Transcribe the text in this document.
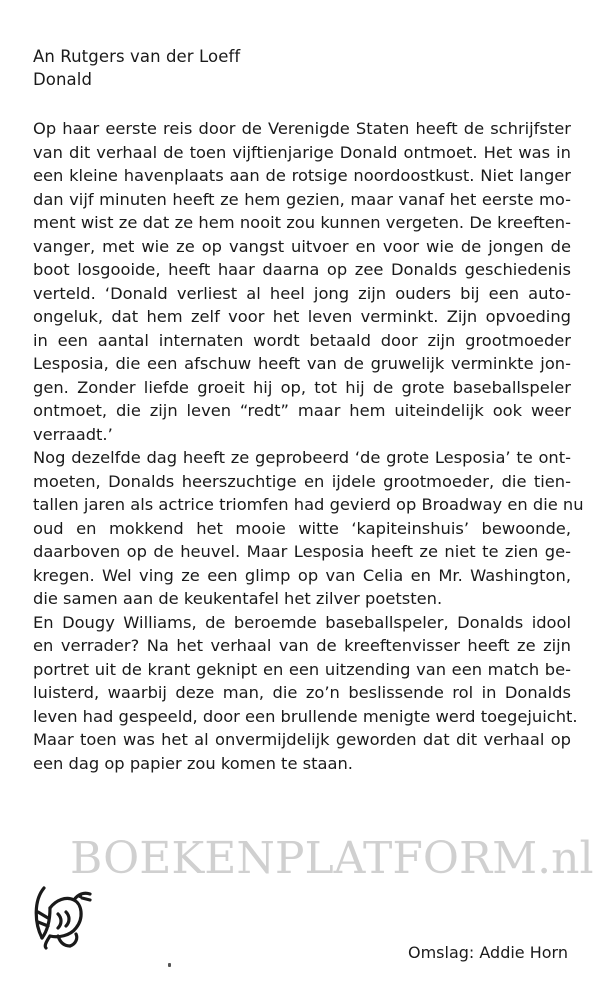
An Rutgers van der Loeff
Donald
Op haar eerste reis door de Verenigde Staten heeft de schrijfster
van dit verhaal de toen vijftienjarige Donald ontmoet. Het was in
een kleine havenplaats aan de rotsige noordoostkust. Niet langer
dan vijf minuten heeft ze hem gezien, maar vanaf het eerste mo-
ment wist ze dat ze hem nooit zou kunnen vergeten. De kreeften-
vanger, met wie ze op vangst uitvoer en voor wie de jongen de
boot losgooide, heeft haar daarna op zee Donalds geschiedenis
verteld. ‘Donald verliest al heel jong zijn ouders bij een auto-
ongeluk, dat hem zelf voor het leven verminkt. Zijn opvoeding
in een aantal internaten wordt betaald door zijn grootmoeder
Lesposia, die een afschuw heeft van de gruwelijk verminkte jon-
gen. Zonder liefde groeit hij op, tot hij de grote baseballspeler
ontmoet, die zijn leven “redt” maar hem uiteindelijk ook weer
verraadt.’
Nog dezelfde dag heeft ze geprobeerd ‘de grote Lesposia’ te ont-
moeten, Donalds heerszuchtige en ijdele grootmoeder, die tien-
tallen jaren als actrice triomfen had gevierd op Broadway en die nu
oud en mokkend het mooie witte ‘kapiteinshuis’ bewoonde,
daarboven op de heuvel. Maar Lesposia heeft ze niet te zien ge-
kregen. Wel ving ze een glimp op van Celia en Mr. Washington,
die samen aan de keukentafel het zilver poetsten.
En Dougy Williams, de beroemde baseballspeler, Donalds idool
en verrader? Na het verhaal van de kreeftenvisser heeft ze zijn
portret uit de krant geknipt en een uitzending van een match be-
luisterd, waarbij deze man, die zo’n beslissende rol in Donalds
leven had gespeeld, door een brullende menigte werd toegejuicht.
Maar toen was het al onvermijdelijk geworden dat dit verhaal op
een dag op papier zou komen te staan.
BOEKENPLATFORM.nl
Omslag: Addie Horn
